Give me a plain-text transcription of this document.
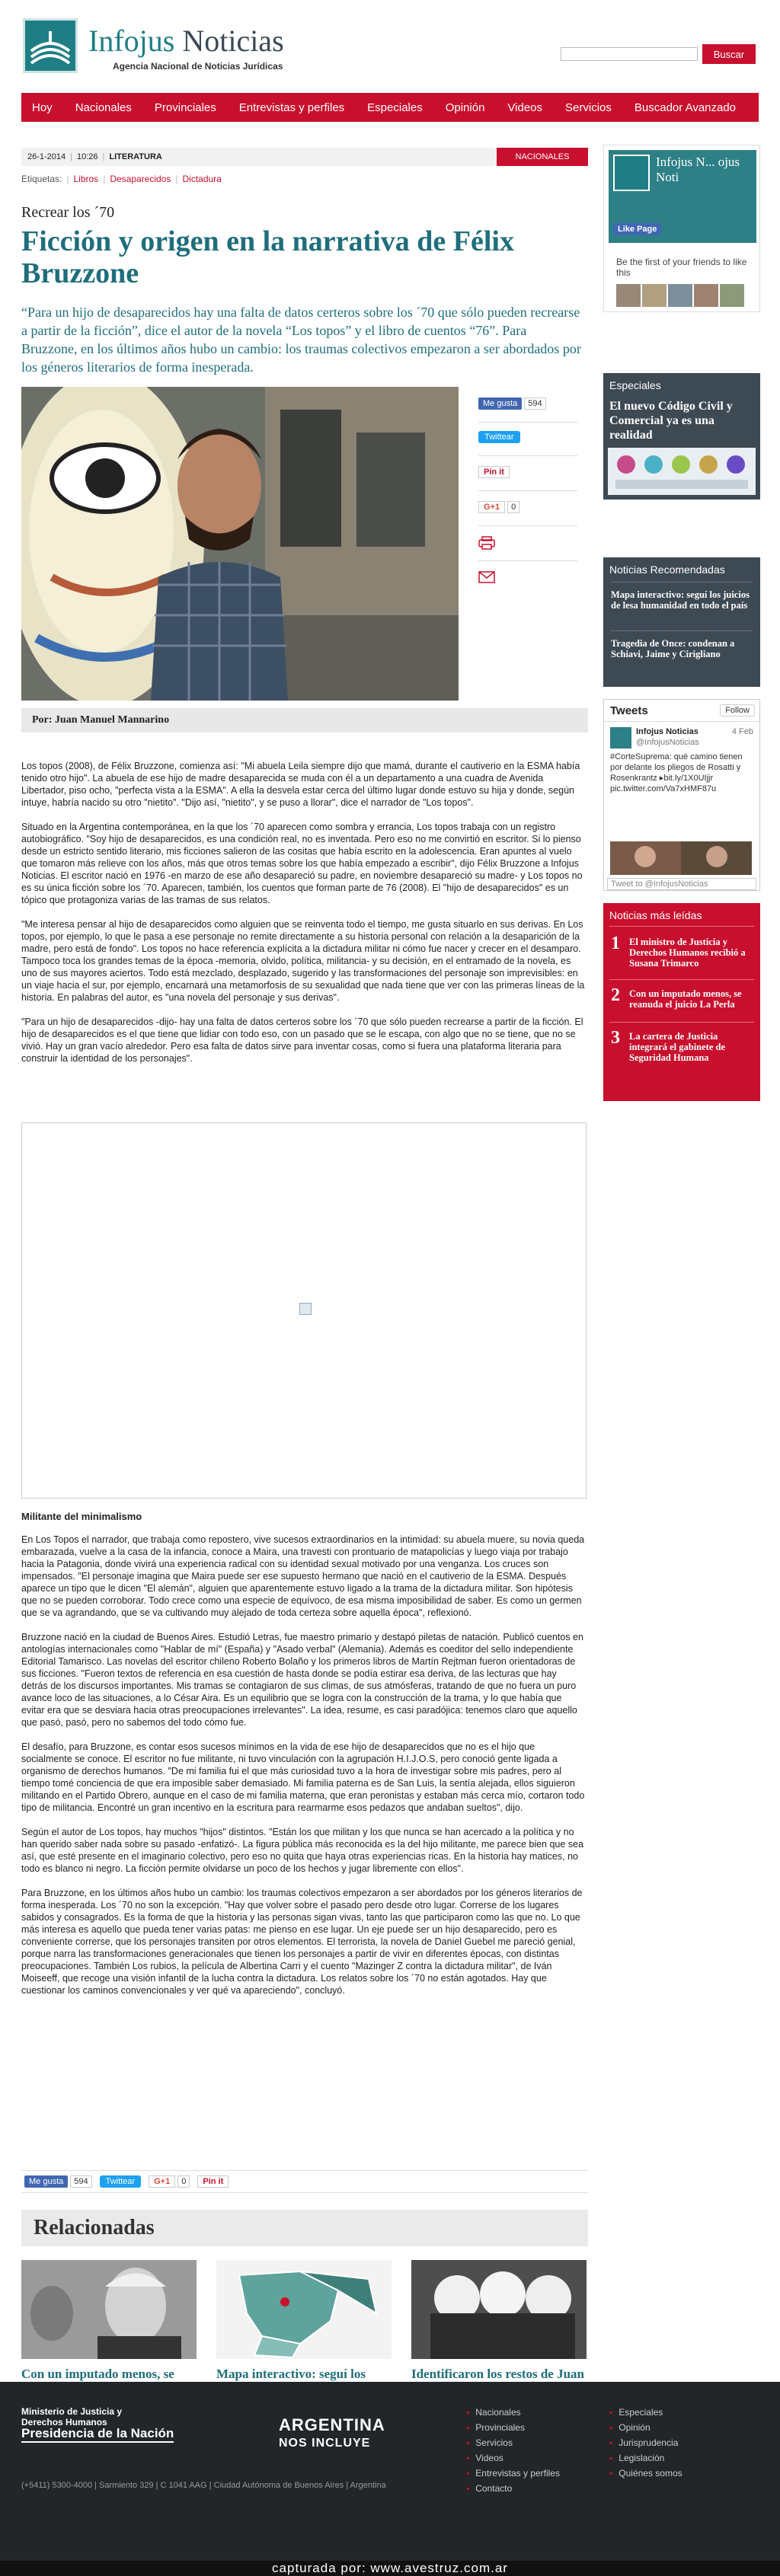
Infojus Noticias
Agencia Nacional de Noticias Jurídicas
Buscar
Hoy Nacionales Provinciales Entrevistas y perfiles Especiales Opinión Videos Servicios Buscador Avanzado
26-1-2014 | 10:26 | LITERATURA	NACIONALES
Etiquetas: | Libros | Desaparecidos | Dictadura
Recrear los ´70
Ficción y origen en la narrativa de Félix Bruzzone
“Para un hijo de desaparecidos hay una falta de datos certeros sobre los ´70 que sólo pueden recrearse a partir de la ficción”, dice el autor de la novela “Los topos” y el libro de cuentos “76”. Para Bruzzone, en los últimos años hubo un cambio: los traumas colectivos empezaron a ser abordados por los géneros literarios de forma inesperada.
Me gusta 594
Twittear
Pin it
G+1 0
Por: Juan Manuel Mannarino

Los topos (2008), de Félix Bruzzone, comienza así: "Mi abuela Leila siempre dijo que mamá, durante el cautiverio en la ESMA había tenido otro hijo". La abuela de ese hijo de madre desaparecida se muda con él a un departamento a una cuadra de Avenida Libertador, piso ocho, "perfecta vista a la ESMA". A ella la desvela estar cerca del último lugar donde estuvo su hija y donde, según intuye, habría nacido su otro "nietito". "Dijo así, "nietito", y se puso a llorar", dice el narrador de "Los topos".

Situado en la Argentina contemporánea, en la que los ´70 aparecen como sombra y errancia, Los topos trabaja con un registro autobiográfico. "Soy hijo de desaparecidos, es una condición real, no es inventada. Pero eso no me convirtió en escritor. Si lo pienso desde un estricto sentido literario, mis ficciones salieron de las cositas que había escrito en la adolescencia. Eran apuntes al vuelo que tomaron más relieve con los años, más que otros temas sobre los que había empezado a escribir", dijo Félix Bruzzone a Infojus Noticias. El escritor nació en 1976 -en marzo de ese año desapareció su padre, en noviembre desapareció su madre- y Los topos no es su única ficción sobre los ´70. Aparecen, también, los cuentos que forman parte de 76 (2008). El "hijo de desaparecidos" es un tópico que protagoniza varias de las tramas de sus relatos.

"Me interesa pensar al hijo de desaparecidos como alguien que se reinventa todo el tiempo, me gusta situarlo en sus derivas. En Los topos, por ejemplo, lo que le pasa a ese personaje no remite directamente a su historia personal con relación a la desaparición de la madre, pero está de fondo". Los topos no hace referencia explícita a la dictadura militar ni cómo fue nacer y crecer en el desamparo. Tampoco toca los grandes temas de la época -memoria, olvido, política, militancia- y su decisión, en el entramado de la novela, es uno de sus mayores aciertos. Todo está mezclado, desplazado, sugerido y las transformaciones del personaje son imprevisibles: en un viaje hacia el sur, por ejemplo, encarnará una metamorfosis de su sexualidad que nada tiene que ver con las primeras líneas de la historia. En palabras del autor, es "una novela del personaje y sus derivas".

"Para un hijo de desaparecidos -dijo- hay una falta de datos certeros sobre los ´70 que sólo pueden recrearse a partir de la ficción. El hijo de desaparecidos es el que tiene que lidiar con todo eso, con un pasado que se le escapa, con algo que no se tiene, que no se vivió. Hay un gran vacío alrededor. Pero esa falta de datos sirve para inventar cosas, como si fuera una plataforma literaria para construir la identidad de los personajes".

Militante del minimalismo

En Los Topos el narrador, que trabaja como repostero, vive sucesos extraordinarios en la intimidad: su abuela muere, su novia queda embarazada, vuelve a la casa de la infancia, conoce a Maira, una travesti con prontuario de matapolicías y luego viaja por trabajo hacia la Patagonia, donde vivirá una experiencia radical con su identidad sexual motivado por una venganza. Los cruces son impensados. "El personaje imagina que Maira puede ser ese supuesto hermano que nació en el cautiverio de la ESMA. Después aparece un tipo que le dicen "El alemán", alguien que aparentemente estuvo ligado a la trama de la dictadura militar. Son hipótesis que no se pueden corroborar. Todo crece como una especie de equívoco, de esa misma imposibilidad de saber. Es como un germen que se va agrandando, que se va cultivando muy alejado de toda certeza sobre aquella época", reflexionó.

Bruzzone nació en la ciudad de Buenos Aires. Estudió Letras, fue maestro primario y destapó piletas de natación. Publicó cuentos en antologías internacionales como "Hablar de mí" (España) y "Asado verbal" (Alemania). Además es coeditor del sello independiente Editorial Tamarisco. Las novelas del escritor chileno Roberto Bolaño y los primeros libros de Martín Rejtman fueron orientadoras de sus ficciones. "Fueron textos de referencia en esa cuestión de hasta donde se podía estirar esa deriva, de las lecturas que hay detrás de los discursos importantes. Mis tramas se contagiaron de sus climas, de sus atmósferas, tratando de que no fuera un puro avance loco de las situaciones, a lo César Aira. Es un equilibrio que se logra con la construcción de la trama, y lo que había que evitar era que se desviara hacia otras preocupaciones irrelevantes". La idea, resume, es casi paradójica: tenemos claro que aquello que pasó, pasó, pero no sabemos del todo cómo fue.

El desafío, para Bruzzone, es contar esos sucesos mínimos en la vida de ese hijo de desaparecidos que no es el hijo que socialmente se conoce. El escritor no fue militante, ni tuvo vinculación con la agrupación H.I.J.O.S, pero conoció gente ligada a organismo de derechos humanos. "De mi familia fui el que más curiosidad tuvo a la hora de investigar sobre mis padres, pero al tiempo tomé conciencia de que era imposible saber demasiado. Mi familia paterna es de San Luis, la sentía alejada, ellos siguieron militando en el Partido Obrero, aunque en el caso de mi familia materna, que eran peronistas y estaban más cerca mío, cortaron todo tipo de militancia. Encontré un gran incentivo en la escritura para rearmarme esos pedazos que andaban sueltos", dijo.

Según el autor de Los topos, hay muchos "hijos" distintos. "Están los que militan y los que nunca se han acercado a la política y no han querido saber nada sobre su pasado -enfatizó-. La figura pública más reconocida es la del hijo militante, me parece bien que sea así, que esté presente en el imaginario colectivo, pero eso no quita que haya otras experiencias ricas. En la historia hay matices, no todo es blanco ni negro. La ficción permite olvidarse un poco de los hechos y jugar libremente con ellos".

Para Bruzzone, en los últimos años hubo un cambio: los traumas colectivos empezaron a ser abordados por los géneros literarios de forma inesperada. Los ´70 no son la excepción. "Hay que volver sobre el pasado pero desde otro lugar. Correrse de los lugares sabidos y consagrados. Es la forma de que la historia y las personas sigan vivas, tanto las que participaron como las que no. Lo que más interesa es aquello que pueda tener varias patas: me pienso en ese lugar. Un eje puede ser un hijo desaparecido, pero es conveniente correrse, que los personajes transiten por otros elementos. El terrorista, la novela de Daniel Guebel me pareció genial, porque narra las transformaciones generacionales que tienen los personajes a partir de vivir en diferentes épocas, con distintas preocupaciones. También Los rubios, la película de Albertina Carri y el cuento "Mazinger Z contra la dictadura militar", de Iván Moiseeff, que recoge una visión infantil de la lucha contra la dictadura. Los relatos sobre los ´70 no están agotados. Hay que cuestionar los caminos convencionales y ver qué va apareciendo", concluyó.

Me gusta 594	Twittear	G+1 0	Pin it
Relacionadas
Con un imputado menos, se	Mapa interactivo: seguí los	Identificaron los restos de Juan
Infojus N... ojus Noti
Like Page
Be the first of your friends to like this
Especiales
El nuevo Código Civil y Comercial ya es una realidad
Noticias Recomendadas
Mapa interactivo: seguí los juicios de lesa humanidad en todo el país
Tragedia de Once: condenan a Schiavi, Jaime y Cirigliano
Tweets	Follow
Infojus Noticias
@InfojusNoticias
4 Feb
#CorteSuprema: qué camino tienen por delante los pliegos de Rosatti y Rosenkrantz ▸bit.ly/1X0UIjjr pic.twitter.com/Va7xHMF87u
Tweet to @InfojusNoticias
Noticias más leídas
1 El ministro de Justicia y Derechos Humanos recibió a Susana Trimarco
2 Con un imputado menos, se reanuda el juicio La Perla
3 La cartera de Justicia integrará el gabinete de Seguridad Humana
Ministerio de Justicia y Derechos Humanos
Presidencia de la Nación	ARGENTINA
NOS INCLUYE
(+5411) 5300-4000 | Sarmiento 329 | C 1041 AAG | Ciudad Autónoma de Buenos Aires | Argentina
▪ Nacionales
▪ Provinciales
▪ Servicios
▪ Videos
▪ Entrevistas y perfiles
▪ Contacto
▪ Especiales
▪ Opinión
▪ Jurisprudencia
▪ Legislación
▪ Quiénes somos
capturada por: www.avestruz.com.ar
